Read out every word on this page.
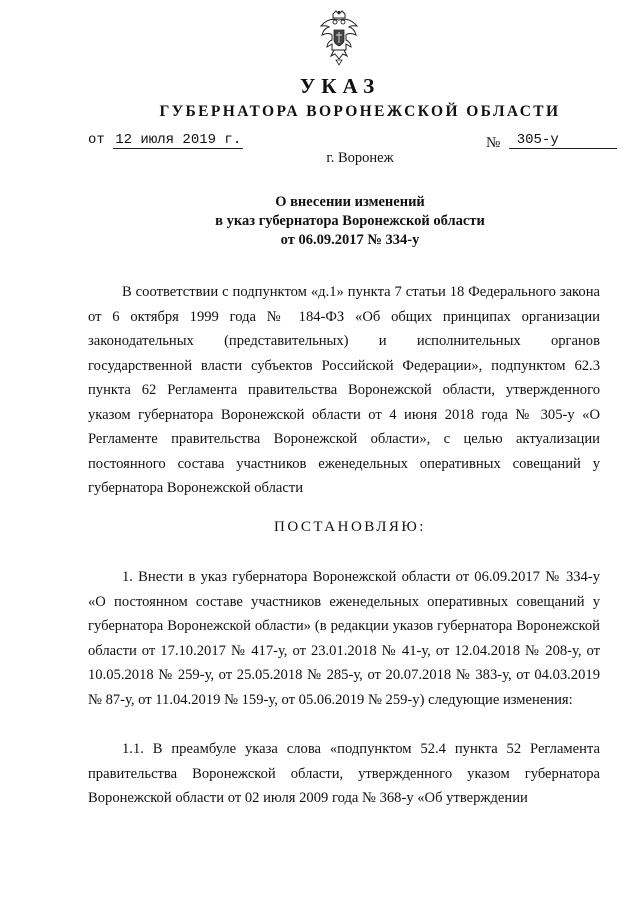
УКАЗ
ГУБЕРНАТОРА ВОРОНЕЖСКОЙ ОБЛАСТИ
от 12 июля 2019 г.	№ 305-у
г. Воронеж
О внесении изменений
в указ губернатора Воронежской области
от 06.09.2017 № 334-у

В соответствии с подпунктом «д.1» пункта 7 статьи 18 Федерального закона от 6 октября 1999 года № 184-ФЗ «Об общих принципах организации законодательных (представительных) и исполнительных органов государственной власти субъектов Российской Федерации», подпунктом 62.3 пункта 62 Регламента правительства Воронежской области, утвержденного указом губернатора Воронежской области от 4 июня 2018 года № 305-у «О Регламенте правительства Воронежской области», с целью актуализации постоянного состава участников еженедельных оперативных совещаний у губернатора Воронежской области

ПОСТАНОВЛЯЮ:

1. Внести в указ губернатора Воронежской области от 06.09.2017 № 334-у «О постоянном составе участников еженедельных оперативных совещаний у губернатора Воронежской области» (в редакции указов губернатора Воронежской области от 17.10.2017 № 417-у, от 23.01.2018 № 41-у, от 12.04.2018 № 208-у, от 10.05.2018 № 259-у, от 25.05.2018 № 285-у, от 20.07.2018 № 383-у, от 04.03.2019 № 87-у, от 11.04.2019 № 159-у, от 05.06.2019 № 259-у) следующие изменения:

1.1. В преамбуле указа слова «подпунктом 52.4 пункта 52 Регламента правительства Воронежской области, утвержденного указом губернатора Воронежской области от 02 июля 2009 года № 368-у «Об утверждении
